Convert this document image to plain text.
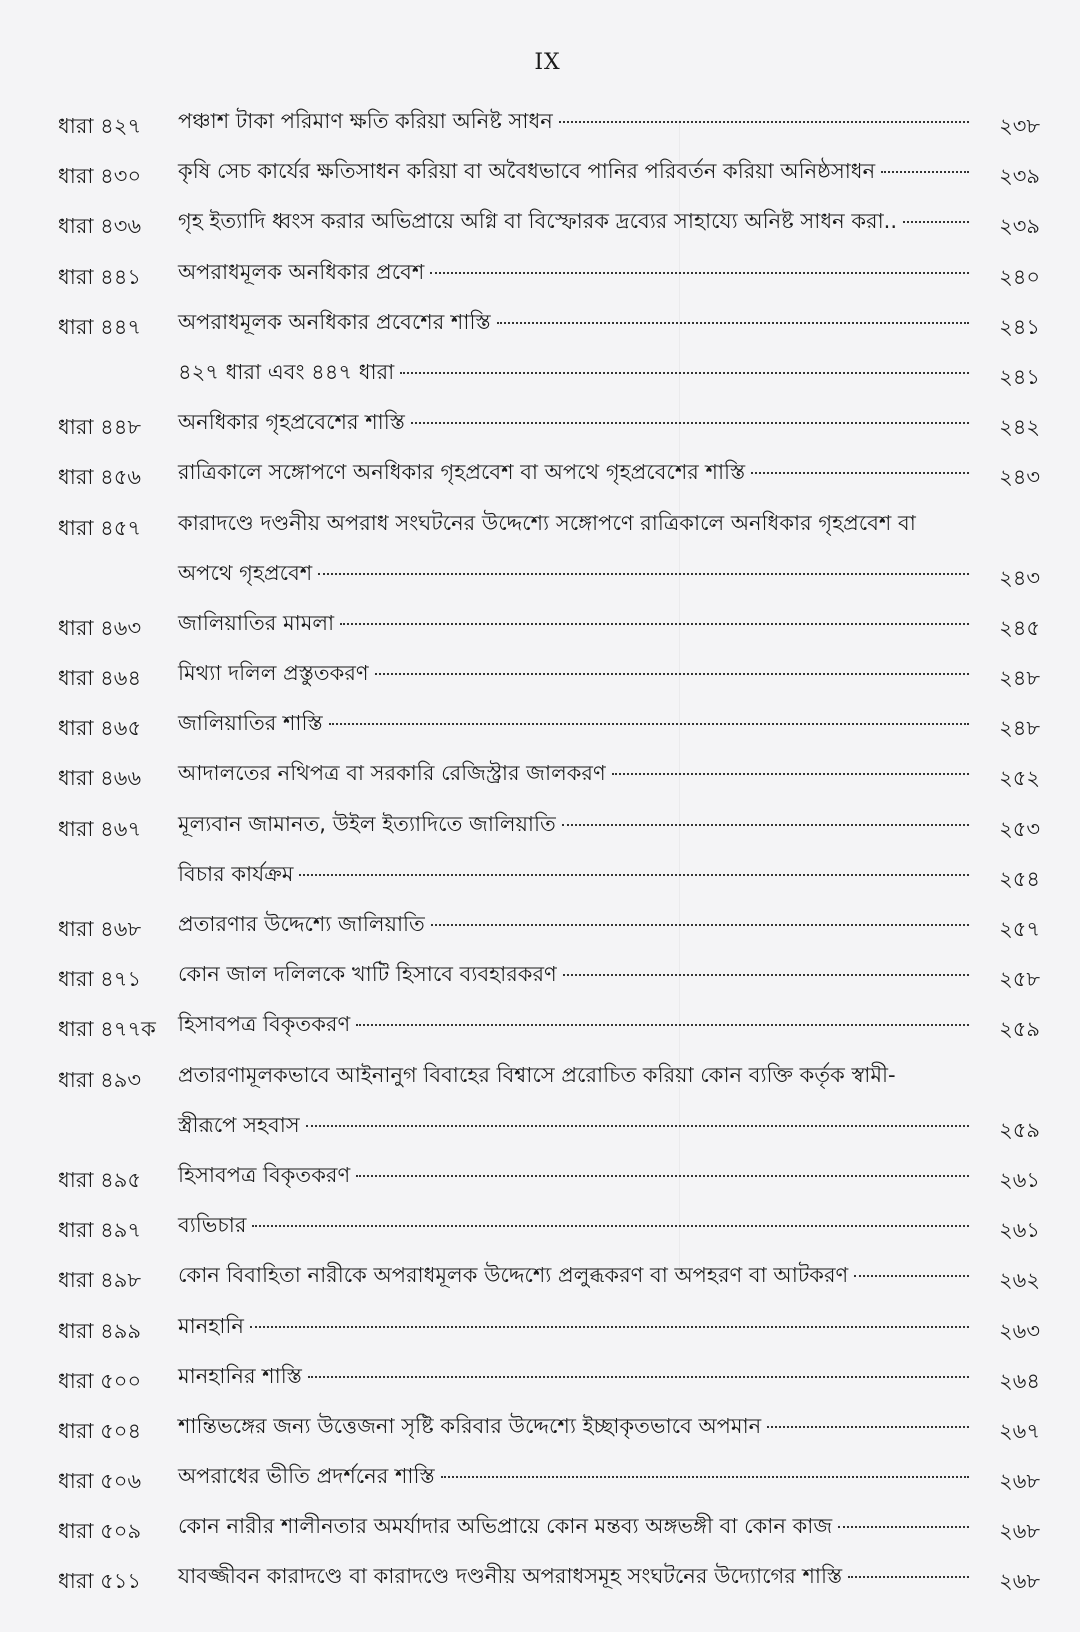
IX
ধারা ৪২৭	পঞ্চাশ টাকা পরিমাণ ক্ষতি করিয়া অনিষ্ট সাধন	২৩৮
ধারা ৪৩০	কৃষি সেচ কার্যের ক্ষতিসাধন করিয়া বা অবৈধভাবে পানির পরিবর্তন করিয়া অনিষ্ঠসাধন	২৩৯
ধারা ৪৩৬	গৃহ ইত্যাদি ধ্বংস করার অভিপ্রায়ে অগ্নি বা বিস্ফোরক দ্রব্যের সাহায্যে অনিষ্ট সাধন করা..	২৩৯
ধারা ৪৪১	অপরাধমূলক অনধিকার প্রবেশ	২৪০
ধারা ৪৪৭	অপরাধমূলক অনধিকার প্রবেশের শাস্তি	২৪১
৪২৭ ধারা এবং ৪৪৭ ধারা	২৪১
ধারা ৪৪৮	অনধিকার গৃহপ্রবেশের শাস্তি	২৪২
ধারা ৪৫৬	রাত্রিকালে সঙ্গোপণে অনধিকার গৃহপ্রবেশ বা অপথে গৃহপ্রবেশের শাস্তি	২৪৩
ধারা ৪৫৭	কারাদণ্ডে দণ্ডনীয় অপরাধ সংঘটনের উদ্দেশ্যে সঙ্গোপণে রাত্রিকালে অনধিকার গৃহপ্রবেশ বা
অপথে গৃহপ্রবেশ	২৪৩
ধারা ৪৬৩	জালিয়াতির মামলা	২৪৫
ধারা ৪৬৪	মিথ্যা দলিল প্রস্তুতকরণ	২৪৮
ধারা ৪৬৫	জালিয়াতির শাস্তি	২৪৮
ধারা ৪৬৬	আদালতের নথিপত্র বা সরকারি রেজিস্ট্রার জালকরণ	২৫২
ধারা ৪৬৭	মূল্যবান জামানত, উইল ইত্যাদিতে জালিয়াতি	২৫৩
বিচার কার্যক্রম	২৫৪
ধারা ৪৬৮	প্রতারণার উদ্দেশ্যে জালিয়াতি	২৫৭
ধারা ৪৭১	কোন জাল দলিলকে খাটি হিসাবে ব্যবহারকরণ	২৫৮
ধারা ৪৭৭ক	হিসাবপত্র বিকৃতকরণ	২৫৯
ধারা ৪৯৩	প্রতারণামূলকভাবে আইনানুগ বিবাহের বিশ্বাসে প্ররোচিত করিয়া কোন ব্যক্তি কর্তৃক স্বামী-
স্ত্রীরূপে সহবাস	২৫৯
ধারা ৪৯৫	হিসাবপত্র বিকৃতকরণ	২৬১
ধারা ৪৯৭	ব্যভিচার	২৬১
ধারা ৪৯৮	কোন বিবাহিতা নারীকে অপরাধমূলক উদ্দেশ্যে প্রলুব্ধকরণ বা অপহরণ বা আটকরণ	২৬২
ধারা ৪৯৯	মানহানি	২৬৩
ধারা ৫০০	মানহানির শাস্তি	২৬৪
ধারা ৫০৪	শান্তিভঙ্গের জন্য উত্তেজনা সৃষ্টি করিবার উদ্দেশ্যে ইচ্ছাকৃতভাবে অপমান	২৬৭
ধারা ৫০৬	অপরাধের ভীতি প্রদর্শনের শাস্তি	২৬৮
ধারা ৫০৯	কোন নারীর শালীনতার অমর্যাদার অভিপ্রায়ে কোন মন্তব্য অঙ্গভঙ্গী বা কোন কাজ	২৬৮
ধারা ৫১১	যাবজ্জীবন কারাদণ্ডে বা কারাদণ্ডে দণ্ডনীয় অপরাধসমূহ সংঘটনের উদ্যোগের শাস্তি	২৬৮
